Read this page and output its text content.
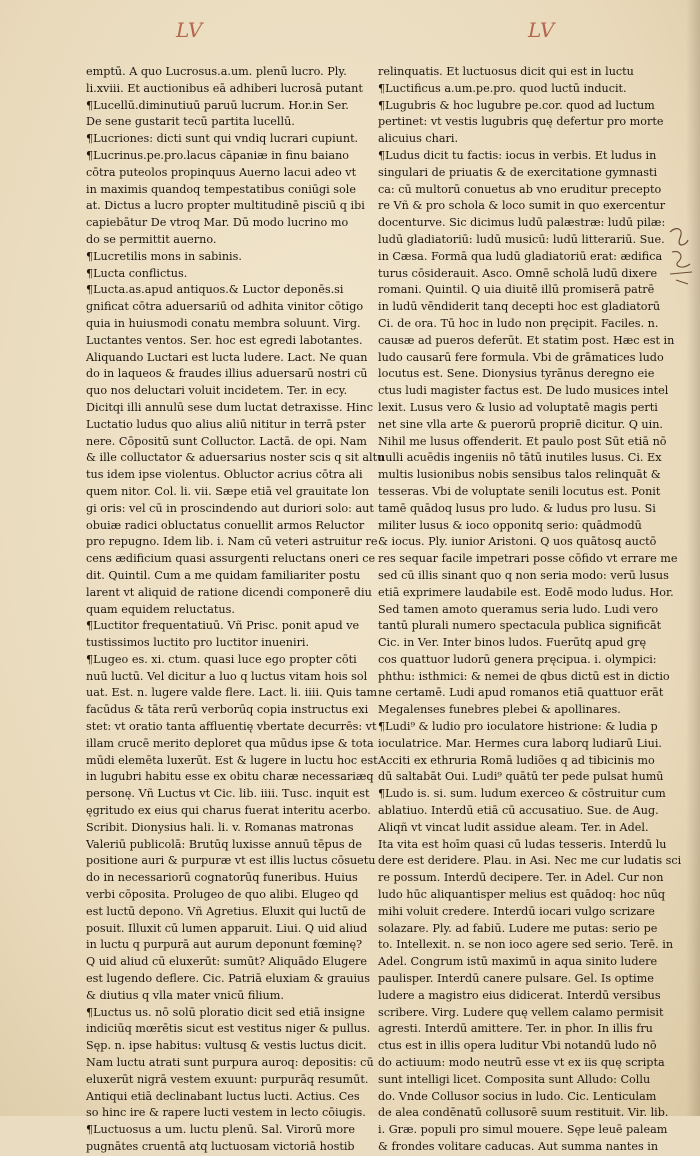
LV	LV
emptū. A quo Lucrosus.a.um. plenū lucro. Ply.
li.xviii. Et auctionibus eā adhiberi lucrosā putant
¶Lucellū.diminutiuū paruū lucrum. Hor.in Ser.
De sene gustarit tecū partita lucellū.
¶Lucriones: dicti sunt qui vndiq lucrari cupiunt.
¶Lucrinus.pe.pro.lacus cāpaniæ in finu baiano
cōtra puteolos propinquus Auerno lacui adeo vt
in maximis quandoq tempestatibus coniūgi sole
at. Dictus a lucro propter multitudinē pisciū q ibi
capiebātur De vtroq Mar. Dū modo lucrino mo
do se permittit auerno.
¶Lucretilis mons in sabinis.
¶Lucta conflictus.
¶Lucta.as.apud antiquos.& Luctor deponēs.si
gnificat cōtra aduersariū od adhita vinitor cōtigo
quia in huiusmodi conatu membra soluunt. Virg.
Luctantes ventos. Ser. hoc est egredi labotantes.
Aliquando Luctari est lucta ludere. Lact. Ne quan
do in laqueos & fraudes illius aduersarū nostri cū
quo nos deluctari voluit incidetem. Ter. in ecy.
Dicitqi illi annulū sese dum luctat detraxisse. Hinc
Luctatio ludus quo alius aliū nititur in terrā pster
nere. Cōpositū sunt Colluctor. Lactā. de opi. Nam
& ille colluctator & aduersarius noster scis q sit altu
tus idem ipse violentus. Obluctor acrius cōtra ali
quem nitor. Col. li. vii. Sæpe etiā vel grauitate lon
gi oris: vel cū in proscindendo aut duriori solo: aut
obuiæ radici obluctatus conuellit armos Reluctor
pro repugno. Idem lib. i. Nam cū veteri astruitur re
cens ædificium quasi assurgenti reluctans oneri ce
dit. Quintil. Cum a me quidam familiariter postu
larent vt aliquid de ratione dicendi componerē diu
quam equidem reluctatus.
¶Luctitor frequentatiuū. Vñ Prisc. ponit apud ve
tustissimos luctito pro luctitor inueniri.
¶Lugeo es. xi. ctum. quasi luce ego propter cōti
nuū luctū. Vel dicitur a luo q luctus vitam hois sol
uat. Est. n. lugere valde flere. Lact. li. iiii. Quis tam
facūdus & tāta rerū verborūq copia instructus exi
stet: vt oratio tanta affluentię vbertate decurrēs: vt
illam crucē merito deploret qua mūdus ipse & tota
mūdi elemēta luxerūt. Est & lugere in luctu hoc est
in lugubri habitu esse ex obitu charæ necessariæq
personę. Vñ Luctus vt Cic. lib. iiii. Tusc. inquit est
ęgritudo ex eius qui charus fuerat interitu acerbo.
Scribit. Dionysius hali. li. v. Romanas matronas
Valeriū publicolā: Brutūq luxisse annuū tēpus de
positione auri & purpuræ vt est illis luctus cōsuetu
do in necessariorū cognatorūq funeribus. Huius
verbi cōposita. Prolugeo de quo alibi. Elugeo qd
est luctū depono. Vñ Agretius. Eluxit qui luctū de
posuit. Illuxit cū lumen apparuit. Liui. Q uid aliud
in luctu q purpurā aut aurum deponunt fœminę?
Q uid aliud cū eluxerūt: sumūt? Aliquādo Elugere
est lugendo deflere. Cic. Patriā eluxiam & grauius
& diutius q vlla mater vnicū filium.
¶Luctus us. nō solū ploratio dicit sed etiā insigne
indiciūq mœrētis sicut est vestitus niger & pullus.
Sęp. n. ipse habitus: vultusq & vestis luctus dicit.
Nam luctu atrati sunt purpura auroq: depositis: cū
eluxerūt nigrā vestem exuunt: purpurāq resumūt.
Antiqui etiā declinabant luctus lucti. Actius. Ces
so hinc ire & rapere lucti vestem in lecto cōiugis.
¶Luctuosus a um. luctu plenū. Sal. Virorū more
pugnātes cruentā atq luctuosam victoriā hostib
relinquatis. Et luctuosus dicit qui est in luctu
¶Luctificus a.um.pe.pro. quod luctū inducit.
¶Lugubris & hoc lugubre pe.cor. quod ad luctum
pertinet: vt vestis lugubris quę defertur pro morte
alicuius chari.
¶Ludus dicit tu factis: iocus in verbis. Et ludus in
singulari de priuatis & de exercitatione gymnasti
ca: cū multorū conuetus ab vno eruditur precepto
re Vñ & pro schola & loco sumit in quo exercentur
docenturve. Sic dicimus ludū palæstræ: ludū pilæ:
ludū gladiatoriū: ludū musicū: ludū litterariū. Sue.
in Cæsa. Formā qua ludū gladiatoriū erat: ædifica
turus cōsiderauit. Asco. Omnē scholā ludū dixere
romani. Quintil. Q uia diuitē illū promiserā patrē
in ludū vēndiderit tanq decepti hoc est gladiatorū
Ci. de ora. Tū hoc in ludo non pręcipit. Faciles. n.
causæ ad pueros deferūt. Et statim post. Hæc est in
ludo causarū fere formula. Vbi de grāmatices ludo
locutus est. Sene. Dionysius tyrānus deregno eie
ctus ludi magister factus est. De ludo musices intel
lexit. Lusus vero & lusio ad voluptatē magis perti
net sine vlla arte & puerorū propriē dicitur. Q uin.
Nihil me lusus offenderit. Et paulo post Sūt etiā nō
nulli acuēdis ingeniis nō tātū inutiles lusus. Ci. Ex
multis lusionibus nobis sensibus talos relinquāt &
tesseras. Vbi de voluptate senili locutus est. Ponit
tamē quādoq lusus pro ludo. & ludus pro lusu. Si
militer lusus & ioco opponitq serio: quādmodū
& iocus. Ply. iunior Aristoni. Q uos quātosq auctō
res sequar facile impetrari posse cōfido vt errare me
sed cū illis sinant quo q non seria modo: verū lusus
etiā exprimere laudabile est. Eodē modo ludus. Hor.
Sed tamen amoto queramus seria ludo. Ludi vero
tantū plurali numero spectacula publica significāt
Cic. in Ver. Inter binos ludos. Fuerūtq apud grę
cos quattuor ludorū genera pręcipua. i. olympici:
phthu: isthmici: & nemei de qbus dictū est in dictio
ne certamē. Ludi apud romanos etiā quattuor erāt
Megalenses funebres plebei & apollinares.
¶Ludi⁹ & ludio pro ioculatore histrione: & ludia p
ioculatrice. Mar. Hermes cura laborq ludiarū Liui.
Acciti ex ethruria Romā ludiões q ad tibicinis mo
dū saltabāt Oui. Ludi⁹ quātū ter pede pulsat humū
¶Ludo is. si. sum. ludum exerceo & cōstruitur cum
ablatiuo. Interdū etiā cū accusatiuo. Sue. de Aug.
Aliqñ vt vincat ludit assidue aleam. Ter. in Adel.
Ita vita est hoīm quasi cū ludas tesseris. Interdū lu
dere est deridere. Plau. in Asi. Nec me cur ludatis sci
re possum. Interdū decipere. Ter. in Adel. Cur non
ludo hūc aliquantisper melius est quādoq: hoc nūq
mihi voluit credere. Interdū iocari vulgo scrizare
solazare. Ply. ad fabiū. Ludere me putas: serio pe
to. Intellexit. n. se non ioco agere sed serio. Terē. in
Adel. Congrum istū maximū in aqua sinito ludere
paulisper. Interdū canere pulsare. Gel. Is optime
ludere a magistro eius didicerat. Interdū versibus
scribere. Virg. Ludere quę vellem calamo permisit
agresti. Interdū amittere. Ter. in phor. In illis fru
ctus est in illis opera luditur Vbi notandū ludo nō
do actiuum: modo neutrū esse vt ex iis quę scripta
sunt intelligi licet. Composita sunt Alludo: Collu
do. Vnde Collusor socius in ludo. Cic. Lenticulam
de alea condēnatū collusorē suum restituit. Vir. lib.
i. Græ. populi pro simul mouere. Sępe leuē paleam
& frondes volitare caducas. Aut summa nantes in
